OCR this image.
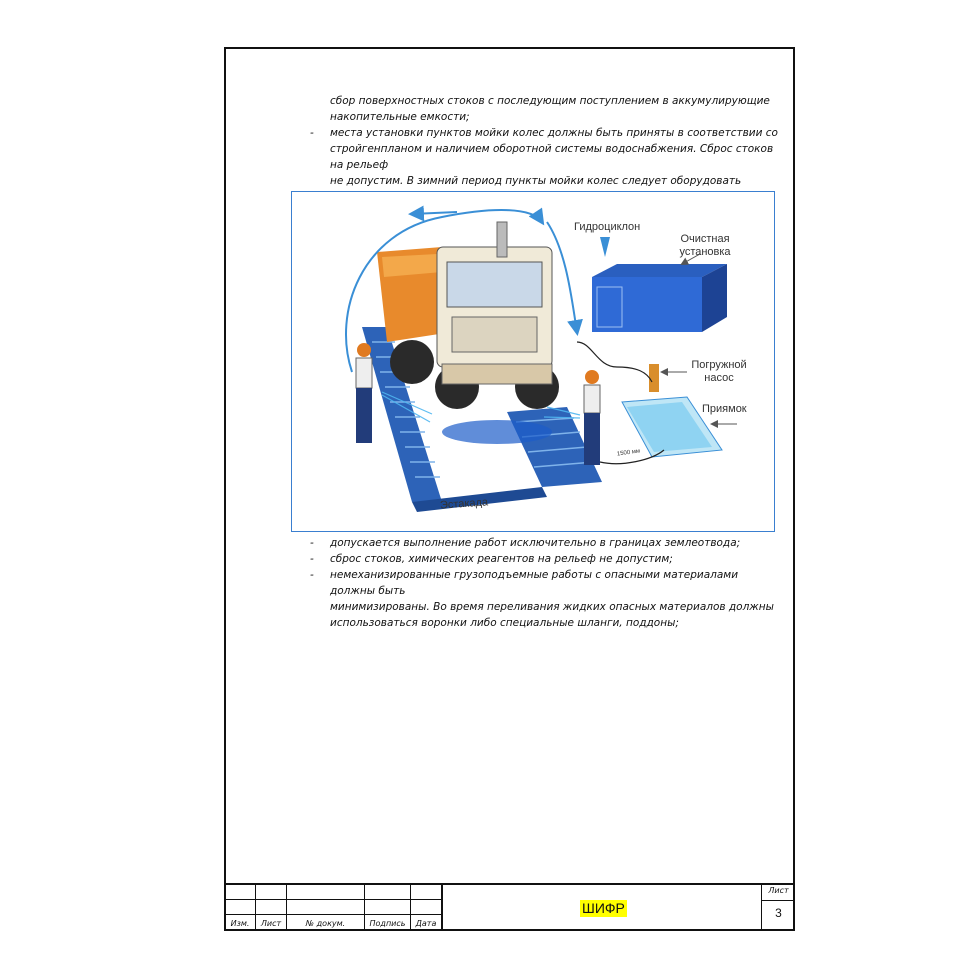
сбор поверхностных стоков с последующим поступлением в аккумулирующие

накопительные емкости;

- места установки пунктов мойки колес должны быть приняты в соответствии со

стройгенпланом и наличием оборотной системы водоснабжения. Сброс стоков на рельеф

не допустим. В зимний период пункты мойки колес следует оборудовать

Гидроциклон
Очистная
установка
Погружной
насос
Приямок
Эстакада
1500 мм
- допускается выполнение работ исключительно в границах землеотвода;

- сброс стоков, химических реагентов на рельеф не допустим;

- немеханизированные грузоподъемные работы с опасными материалами должны быть

минимизированы. Во время переливания жидких опасных материалов должны

использоваться воронки либо специальные шланги, поддоны;

Изм.	Лист	№ докум.	Подпись	Дата
ШИФР
Лист
3
